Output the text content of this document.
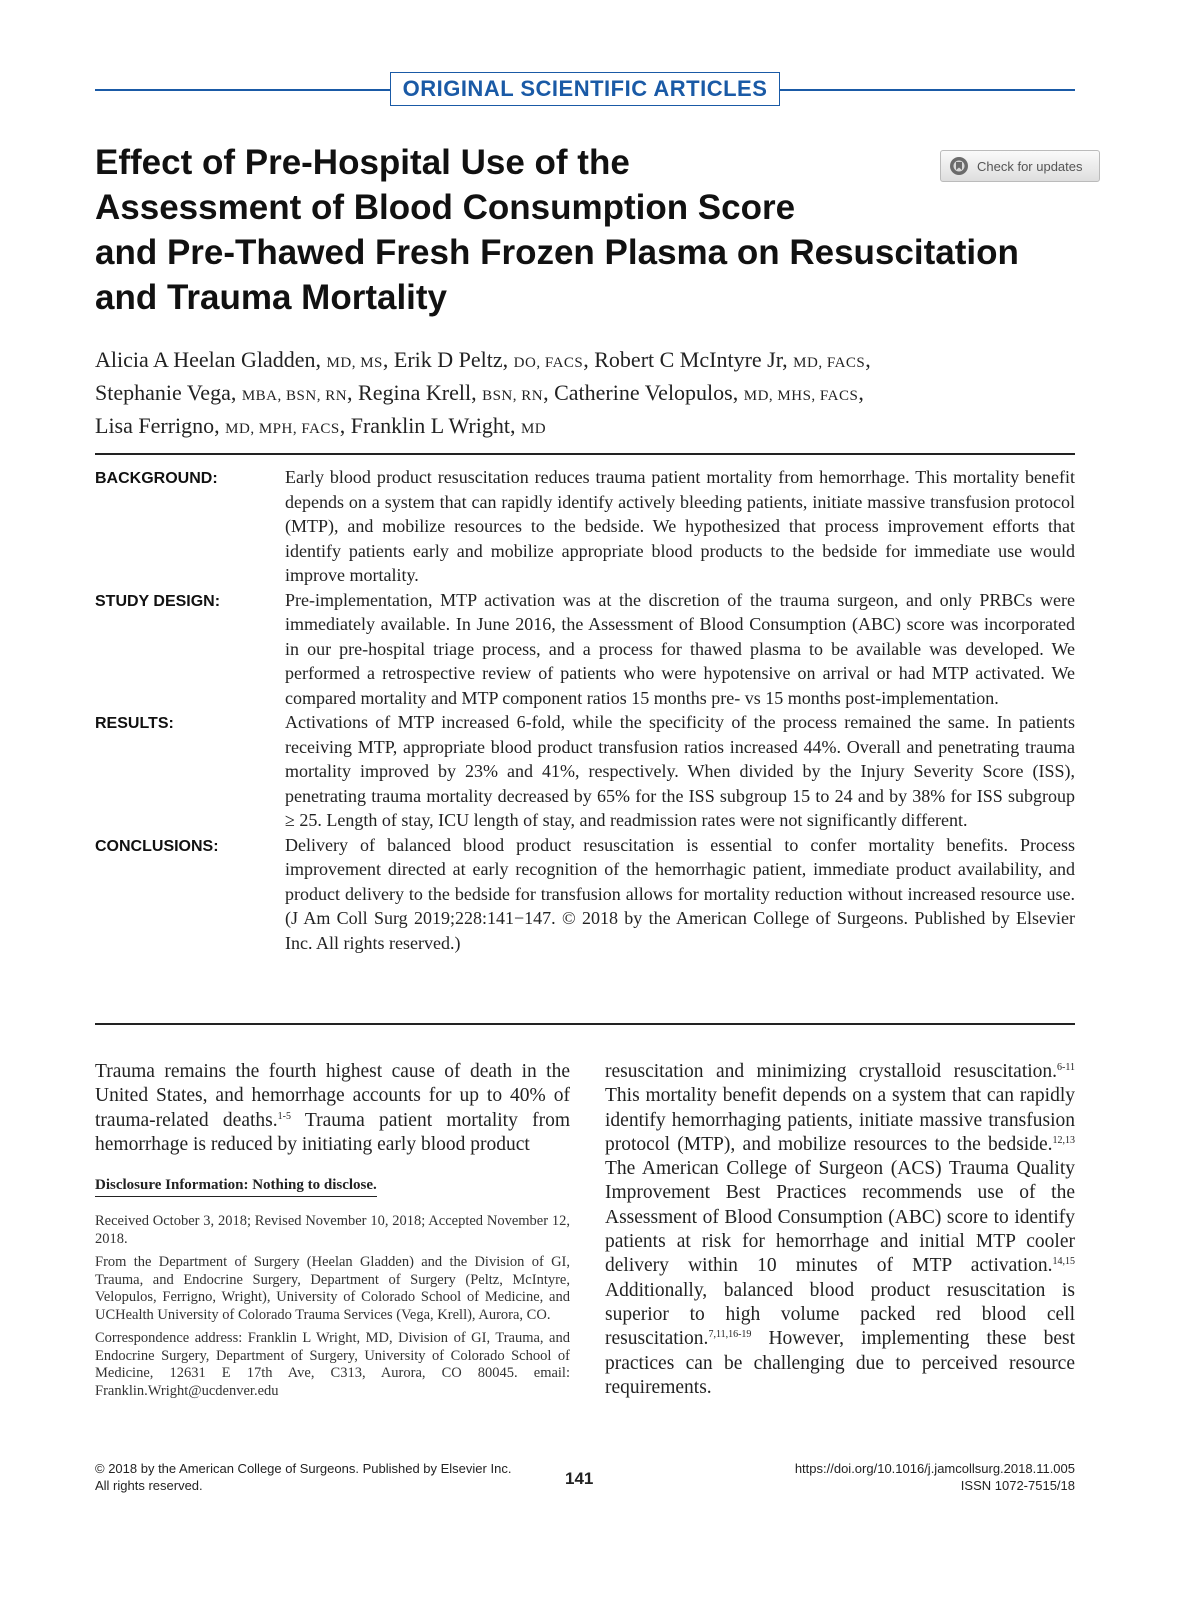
ORIGINAL SCIENTIFIC ARTICLES
Effect of Pre-Hospital Use of the
Assessment of Blood Consumption Score
and Pre-Thawed Fresh Frozen Plasma on Resuscitation
and Trauma Mortality
Check for updates
Alicia A Heelan Gladden, MD, MS, Erik D Peltz, DO, FACS, Robert C McIntyre Jr, MD, FACS,
Stephanie Vega, MBA, BSN, RN, Regina Krell, BSN, RN, Catherine Velopulos, MD, MHS, FACS,
Lisa Ferrigno, MD, MPH, FACS, Franklin L Wright, MD
BACKGROUND:	Early blood product resuscitation reduces trauma patient mortality from hemorrhage. This mortality benefit depends on a system that can rapidly identify actively bleeding patients, initiate massive transfusion protocol (MTP), and mobilize resources to the bedside. We hypothesized that process improvement efforts that identify patients early and mobilize appropriate blood products to the bedside for immediate use would improve mortality.
STUDY DESIGN:	Pre-implementation, MTP activation was at the discretion of the trauma surgeon, and only PRBCs were immediately available. In June 2016, the Assessment of Blood Consumption (ABC) score was incorporated in our pre-hospital triage process, and a process for thawed plasma to be available was developed. We performed a retrospective review of patients who were hypotensive on arrival or had MTP activated. We compared mortality and MTP component ratios 15 months pre- vs 15 months post-implementation.
RESULTS:	Activations of MTP increased 6-fold, while the specificity of the process remained the same. In patients receiving MTP, appropriate blood product transfusion ratios increased 44%. Overall and penetrating trauma mortality improved by 23% and 41%, respectively. When divided by the Injury Severity Score (ISS), penetrating trauma mortality decreased by 65% for the ISS subgroup 15 to 24 and by 38% for ISS subgroup ≥ 25. Length of stay, ICU length of stay, and readmission rates were not significantly different.
CONCLUSIONS:	Delivery of balanced blood product resuscitation is essential to confer mortality benefits. Process improvement directed at early recognition of the hemorrhagic patient, immediate product availability, and product delivery to the bedside for transfusion allows for mortality reduction without increased resource use. (J Am Coll Surg 2019;228:141−147. © 2018 by the American College of Surgeons. Published by Elsevier Inc. All rights reserved.)
Trauma remains the fourth highest cause of death in the United States, and hemorrhage accounts for up to 40% of trauma-related deaths.$^{1-5}$ Trauma patient mortality from hemorrhage is reduced by initiating early blood product
Disclosure Information: Nothing to disclose.
Received October 3, 2018; Revised November 10, 2018; Accepted November 12, 2018.
From the Department of Surgery (Heelan Gladden) and the Division of GI, Trauma, and Endocrine Surgery, Department of Surgery (Peltz, McIntyre, Velopulos, Ferrigno, Wright), University of Colorado School of Medicine, and UCHealth University of Colorado Trauma Services (Vega, Krell), Aurora, CO.
Correspondence address: Franklin L Wright, MD, Division of GI, Trauma, and Endocrine Surgery, Department of Surgery, University of Colorado School of Medicine, 12631 E 17th Ave, C313, Aurora, CO 80045. email: Franklin.Wright@ucdenver.edu
resuscitation and minimizing crystalloid resuscitation.$^{6-11}$ This mortality benefit depends on a system that can rapidly identify hemorrhaging patients, initiate massive transfusion protocol (MTP), and mobilize resources to the bedside.$^{12,13}$ The American College of Surgeon (ACS) Trauma Quality Improvement Best Practices recommends use of the Assessment of Blood Consumption (ABC) score to identify patients at risk for hemorrhage and initial MTP cooler delivery within 10 minutes of MTP activation.$^{14,15}$ Additionally, balanced blood product resuscitation is superior to high volume packed red blood cell resuscitation.$^{7,11,16-19}$ However, implementing these best practices can be challenging due to perceived resource requirements.
© 2018 by the American College of Surgeons. Published by Elsevier Inc.
All rights reserved.	141
https://doi.org/10.1016/j.jamcollsurg.2018.11.005
ISSN 1072-7515/18
